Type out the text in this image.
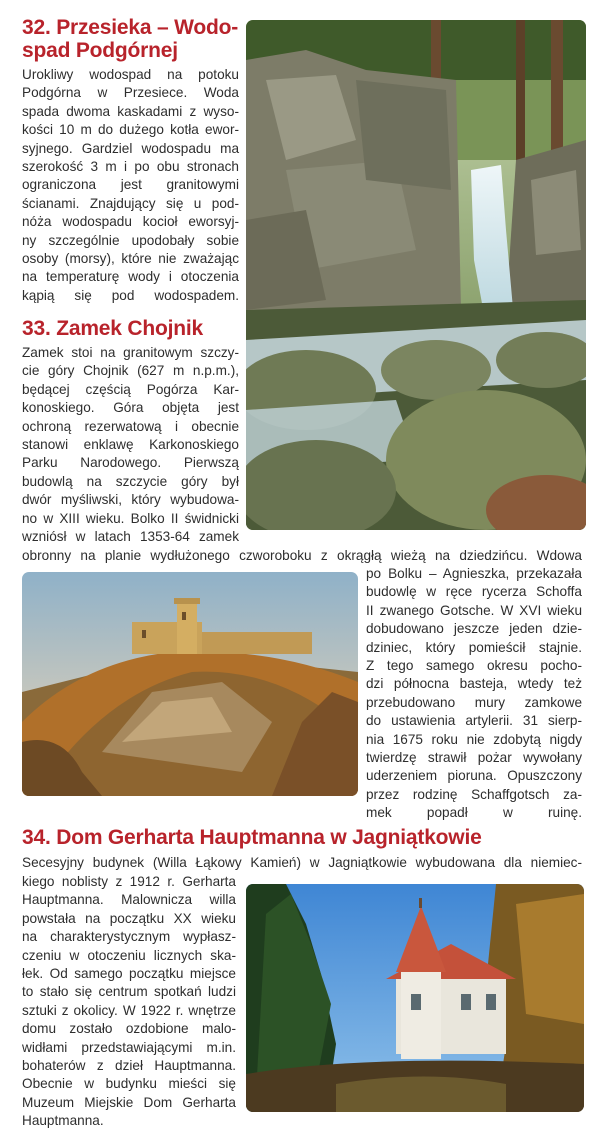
32. Przesieka – Wodo-
spad Podgórnej
Urokliwy wodospad na potoku
Podgórna w Przesiece. Woda
spada dwoma kaskadami z wyso-
kości 10 m do dużego kotła ewor-
syjnego. Gardziel wodospadu ma
szerokość 3 m i po obu stronach
ograniczona jest granitowymi
ścianami. Znajdujący się u pod-
nóża wodospadu kocioł eworsyj-
ny szczególnie upodobały sobie
osoby (morsy), które nie zważając
na temperaturę wody i otoczenia
kąpią się pod wodospadem.
33. Zamek Chojnik
Zamek stoi na granitowym szczy-
cie góry Chojnik (627 m n.p.m.),
będącej częścią Pogórza Kar-
konoskiego. Góra objęta jest
ochroną rezerwatową i obecnie
stanowi enklawę Karkonoskiego
Parku Narodowego. Pierwszą
budowlą na szczycie góry był
dwór myśliwski, który wybudowa-
no w XIII wieku. Bolko II świdnicki
wzniósł w latach 1353-64 zamek
obronny na planie wydłużonego czworoboku z okrągłą wieżą na dziedzińcu. Wdowa
po Bolku – Agnieszka, przekazała
budowlę w ręce rycerza Schoffa
II zwanego Gotsche. W XVI wieku
dobudowano jeszcze jeden dzie-
dziniec, który pomieścił stajnie.
Z tego samego okresu pocho-
dzi północna basteja, wtedy też
przebudowano mury zamkowe
do ustawienia artylerii. 31 sierp-
nia 1675 roku nie zdobytą nigdy
twierdzę strawił pożar wywołany
uderzeniem pioruna. Opuszczony
przez rodzinę Schaffgotsch za-
mek popadł w ruinę.
34. Dom Gerharta Hauptmanna w Jagniątkowie
Secesyjny budynek (Willa Łąkowy Kamień) w Jagniątkowie wybudowana dla niemiec-
kiego noblisty z 1912 r. Gerharta
Hauptmanna. Malownicza willa
powstała na początku XX wieku
na charakterystycznym wypłasz-
czeniu w otoczeniu licznych ska-
łek. Od samego początku miejsce
to stało się centrum spotkań ludzi
sztuki z okolicy. W 1922 r. wnętrze
domu zostało ozdobione malo-
widłami przedstawiającymi m.in.
bohaterów z dzieł Hauptmanna.
Obecnie w budynku mieści się
Muzeum Miejskie Dom Gerharta
Hauptmanna.
